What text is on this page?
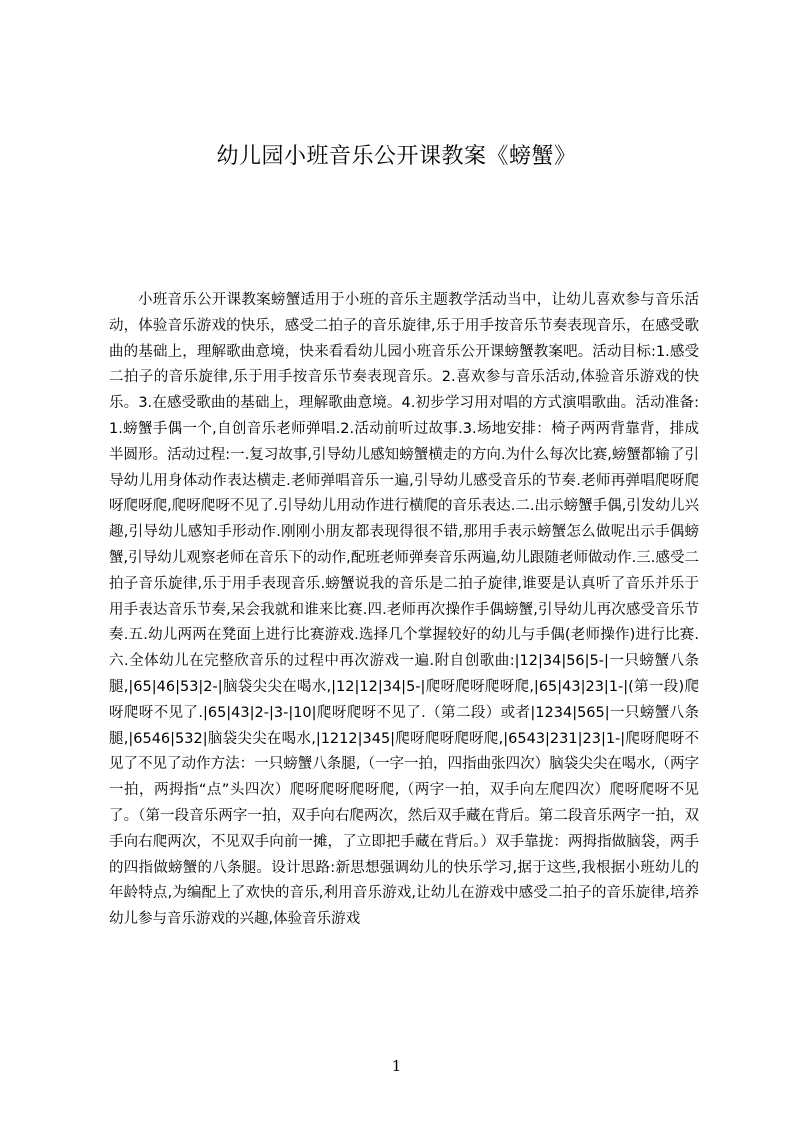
幼儿园小班音乐公开课教案《螃蟹》

小班音乐公开课教案螃蟹适用于小班的音乐主题教学活动当中，让幼儿喜欢参与音乐活动，体验音乐游戏的快乐，感受二拍子的音乐旋律,乐于用手按音乐节奏表现音乐，在感受歌曲的基础上，理解歌曲意境，快来看看幼儿园小班音乐公开课螃蟹教案吧。活动目标:1.感受二拍子的音乐旋律,乐于用手按音乐节奏表现音乐。2.喜欢参与音乐活动,体验音乐游戏的快乐。3.在感受歌曲的基础上，理解歌曲意境。4.初步学习用对唱的方式演唱歌曲。活动准备:1.螃蟹手偶一个,自创音乐老师弹唱.2.活动前听过故事.3.场地安排：椅子两两背靠背，排成半圆形。活动过程:一.复习故事,引导幼儿感知螃蟹横走的方向.为什么每次比赛,螃蟹都输了引导幼儿用身体动作表达横走.老师弹唱音乐一遍,引导幼儿感受音乐的节奏.老师再弹唱爬呀爬呀爬呀爬,爬呀爬呀不见了.引导幼儿用动作进行横爬的音乐表达.二.出示螃蟹手偶,引发幼儿兴趣,引导幼儿感知手形动作.刚刚小朋友都表现得很不错,那用手表示螃蟹怎么做呢出示手偶螃蟹,引导幼儿观察老师在音乐下的动作,配班老师弹奏音乐两遍,幼儿跟随老师做动作.三.感受二拍子音乐旋律,乐于用手表现音乐.螃蟹说我的音乐是二拍子旋律,谁要是认真听了音乐并乐于用手表达音乐节奏,呆会我就和谁来比赛.四.老师再次操作手偶螃蟹,引导幼儿再次感受音乐节奏.五.幼儿两两在凳面上进行比赛游戏.选择几个掌握较好的幼儿与手偶(老师操作)进行比赛.六.全体幼儿在完整欣音乐的过程中再次游戏一遍.附自创歌曲:|12|34|56|5-|一只螃蟹八条腿,|65|46|53|2-|脑袋尖尖在喝水,|12|12|34|5-|爬呀爬呀爬呀爬,|65|43|23|1-|(第一段)爬呀爬呀不见了.|65|43|2-|3-|10|爬呀爬呀不见了.（第二段）或者|1234|565|一只螃蟹八条腿,|6546|532|脑袋尖尖在喝水,|1212|345|爬呀爬呀爬呀爬,|6543|231|23|1-|爬呀爬呀不见了不见了动作方法：一只螃蟹八条腿,（一字一拍，四指曲张四次）脑袋尖尖在喝水,（两字一拍，两拇指“点”头四次）爬呀爬呀爬呀爬,（两字一拍，双手向左爬四次）爬呀爬呀不见了。（第一段音乐两字一拍，双手向右爬两次，然后双手藏在背后。第二段音乐两字一拍，双手向右爬两次，不见双手向前一摊，了立即把手藏在背后。）双手靠拢：两拇指做脑袋，两手的四指做螃蟹的八条腿。设计思路:新思想强调幼儿的快乐学习,据于这些,我根据小班幼儿的年龄特点,为编配上了欢快的音乐,利用音乐游戏,让幼儿在游戏中感受二拍子的音乐旋律,培养幼儿参与音乐游戏的兴趣,体验音乐游戏

1
